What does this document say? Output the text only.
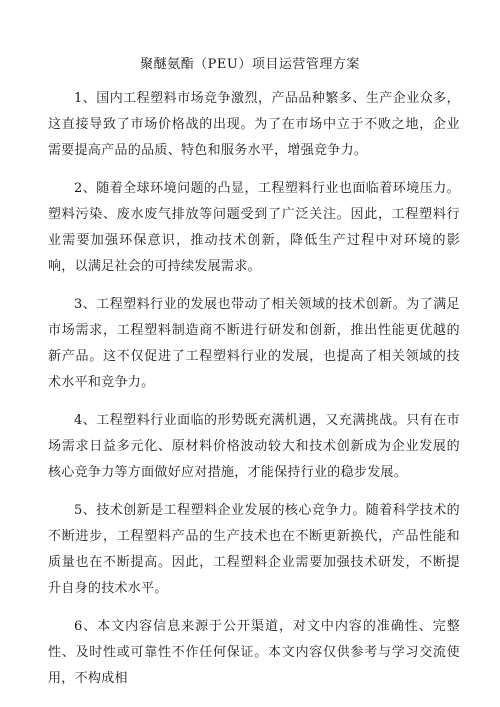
聚醚氨酯（PEU）项目运营管理方案

1、国内工程塑料市场竞争激烈，产品品种繁多、生产企业众多，这直接导致了市场价格战的出现。为了在市场中立于不败之地，企业需要提高产品的品质、特色和服务水平，增强竞争力。

2、随着全球环境问题的凸显，工程塑料行业也面临着环境压力。塑料污染、废水废气排放等问题受到了广泛关注。因此，工程塑料行业需要加强环保意识，推动技术创新，降低生产过程中对环境的影响，以满足社会的可持续发展需求。

3、工程塑料行业的发展也带动了相关领域的技术创新。为了满足市场需求，工程塑料制造商不断进行研发和创新，推出性能更优越的新产品。这不仅促进了工程塑料行业的发展，也提高了相关领域的技术水平和竞争力。

4、工程塑料行业面临的形势既充满机遇，又充满挑战。只有在市场需求日益多元化、原材料价格波动较大和技术创新成为企业发展的核心竞争力等方面做好应对措施，才能保持行业的稳步发展。

5、技术创新是工程塑料企业发展的核心竞争力。随着科学技术的不断进步，工程塑料产品的生产技术也在不断更新换代，产品性能和质量也在不断提高。因此，工程塑料企业需要加强技术研发，不断提升自身的技术水平。

6、本文内容信息来源于公开渠道，对文中内容的准确性、完整性、及时性或可靠性不作任何保证。本文内容仅供参考与学习交流使用，不构成相
